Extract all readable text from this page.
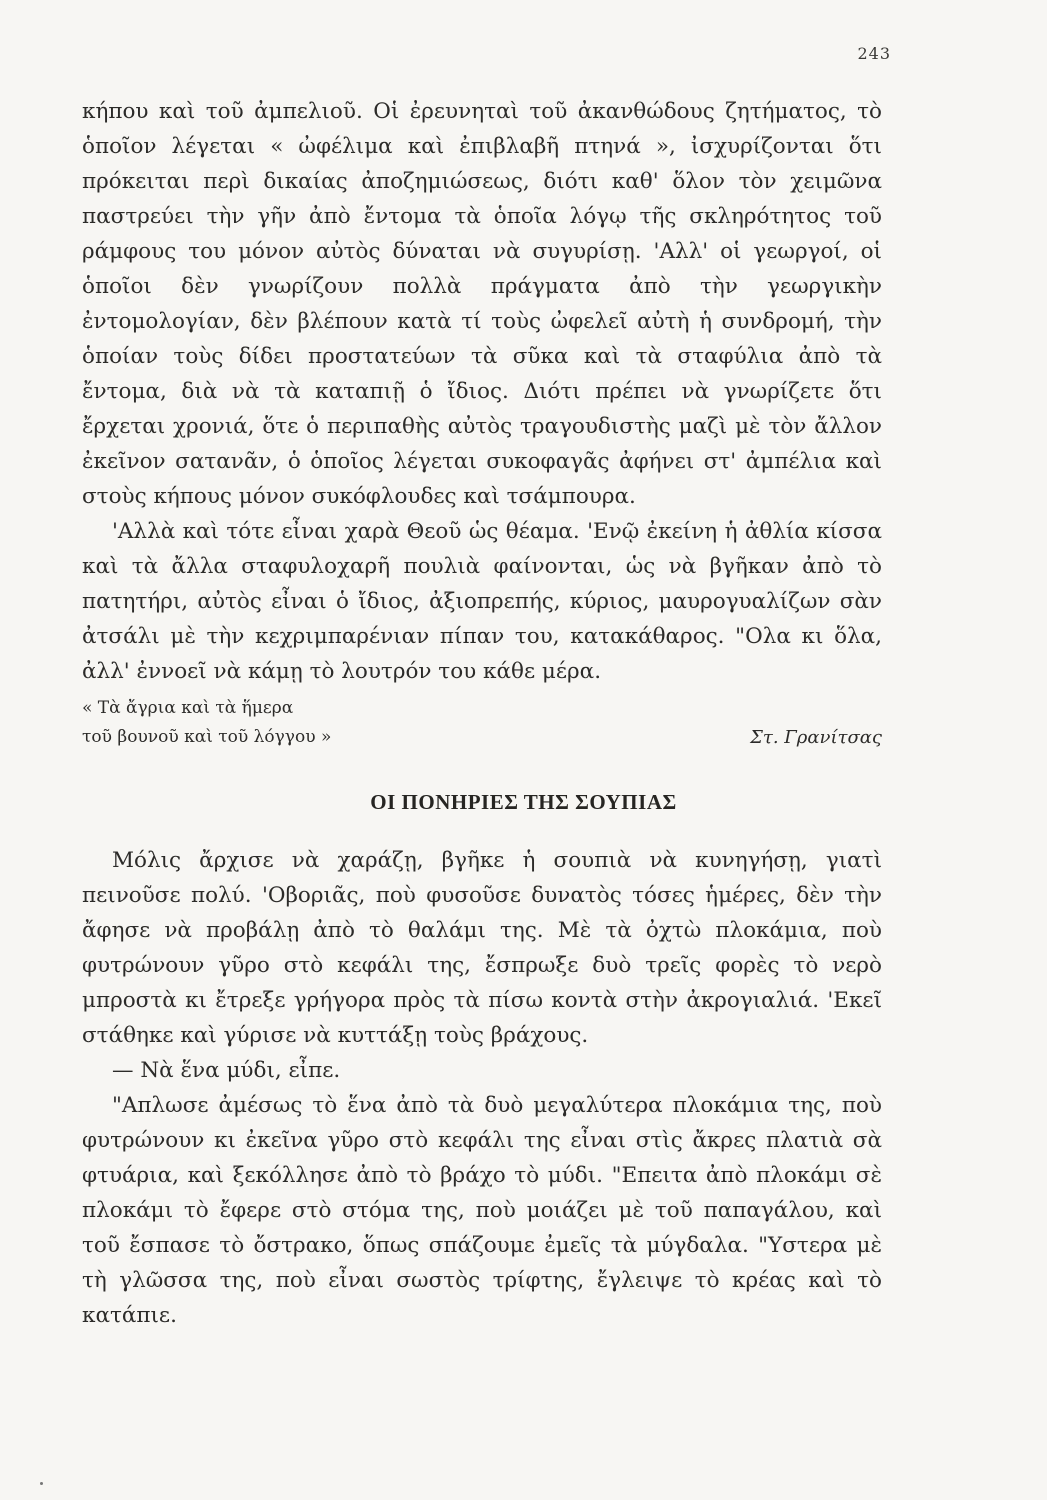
243

κήπου καὶ τοῦ ἀμπελιοῦ. Οἱ ἐρευνηταὶ τοῦ ἀκανθώδους ζητήματος, τὸ ὁποῖον λέγεται « ὠφέλιμα καὶ ἐπιβλαβῆ πτηνά », ἰσχυρίζονται ὅτι πρόκειται περὶ δικαίας ἀποζημιώσεως, διότι καθ' ὅλον τὸν χειμῶνα παστρεύει τὴν γῆν ἀπὸ ἔντομα τὰ ὁποῖα λόγῳ τῆς σκληρότητος τοῦ ράμφους του μόνον αὐτὸς δύναται νὰ συγυρίσῃ. 'Αλλ' οἱ γεωργοί, οἱ ὁποῖοι δὲν γνωρίζουν πολλὰ πράγματα ἀπὸ τὴν γεωργικὴν ἐντομολογίαν, δὲν βλέπουν κατὰ τί τοὺς ὠφελεῖ αὐτὴ ἡ συνδρομή, τὴν ὁποίαν τοὺς δίδει προστατεύων τὰ σῦκα καὶ τὰ σταφύλια ἀπὸ τὰ ἔντομα, διὰ νὰ τὰ καταπιῇ ὁ ἴδιος. Διότι πρέπει νὰ γνωρίζετε ὅτι ἔρχεται χρονιά, ὅτε ὁ περιπαθὴς αὐτὸς τραγουδιστὴς μαζὶ μὲ τὸν ἄλλον ἐκεῖνον σατανᾶν, ὁ ὁποῖος λέγεται συκοφαγᾶς ἀφήνει στ' ἀμπέλια καὶ στοὺς κήπους μόνον συκόφλουδες καὶ τσάμπουρα.

'Αλλὰ καὶ τότε εἶναι χαρὰ Θεοῦ ὡς θέαμα. 'Ενῷ ἐκείνη ἡ ἀθλία κίσσα καὶ τὰ ἄλλα σταφυλοχαρῆ πουλιὰ φαίνονται, ὡς νὰ βγῆκαν ἀπὸ τὸ πατητήρι, αὐτὸς εἶναι ὁ ἴδιος, ἀξιοπρεπής, κύριος, μαυρογυαλίζων σὰν ἀτσάλι μὲ τὴν κεχριμπαρένιαν πίπαν του, κατακάθαρος. "Ολα κι ὅλα, ἀλλ' ἐννοεῖ νὰ κάμῃ τὸ λουτρόν του κάθε μέρα.

« Τὰ ἄγρια καὶ τὰ ἥμερα
τοῦ βουνοῦ καὶ τοῦ λόγγου »	Στ. Γρανίτσας
ΟΙ ΠΟΝΗΡΙΕΣ ΤΗΣ ΣΟΥΠΙΑΣ

Μόλις ἄρχισε νὰ χαράζῃ, βγῆκε ἡ σουπιὰ νὰ κυνηγήσῃ, γιατὶ πεινοῦσε πολύ. 'Οβοριᾶς, ποὺ φυσοῦσε δυνατὸς τόσες ἡμέρες, δὲν τὴν ἄφησε νὰ προβάλῃ ἀπὸ τὸ θαλάμι της. Μὲ τὰ ὀχτὼ πλοκάμια, ποὺ φυτρώνουν γῦρο στὸ κεφάλι της, ἔσπρωξε δυὸ τρεῖς φορὲς τὸ νερὸ μπροστὰ κι ἔτρεξε γρήγορα πρὸς τὰ πίσω κοντὰ στὴν ἀκρογιαλιά. 'Εκεῖ στάθηκε καὶ γύρισε νὰ κυττάξῃ τοὺς βράχους.

— Νὰ ἕνα μύδι, εἶπε.

"Απλωσε ἀμέσως τὸ ἕνα ἀπὸ τὰ δυὸ μεγαλύτερα πλοκάμια της, ποὺ φυτρώνουν κι ἐκεῖνα γῦρο στὸ κεφάλι της εἶναι στὶς ἄκρες πλατιὰ σὰ φτυάρια, καὶ ξεκόλλησε ἀπὸ τὸ βράχο τὸ μύδι. "Επειτα ἀπὸ πλοκάμι σὲ πλοκάμι τὸ ἔφερε στὸ στόμα της, ποὺ μοιάζει μὲ τοῦ παπαγάλου, καὶ τοῦ ἔσπασε τὸ ὄστρακο, ὅπως σπάζουμε ἐμεῖς τὰ μύγδαλα. "Υστερα μὲ τὴ γλῶσσα της, ποὺ εἶναι σωστὸς τρίφτης, ἔγλειψε τὸ κρέας καὶ τὸ κατάπιε.
